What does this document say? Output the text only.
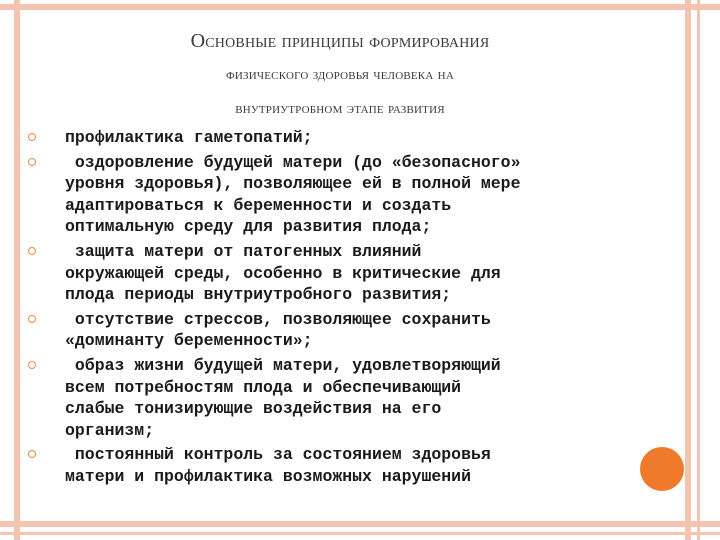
Основные принципы формирования
физического здоровья человека на
внутриутробном этапе развития
профилактика гаметопатий;
оздоровление будущей матери (до «безопасного»
уровня здоровья), позволяющее ей в полной мере
адаптироваться к беременности и создать
оптимальную среду для развития плода;
защита матери от патогенных влияний
окружающей среды, особенно в критические для
плода периоды внутриутробного развития;
отсутствие стрессов, позволяющее сохранить
«доминанту беременности»;
образ жизни будущей матери, удовлетворяющий
всем потребностям плода и обеспечивающий
слабые тонизирующие воздействия на его
организм;
постоянный контроль за состоянием здоровья
матери и профилактика возможных нарушений
